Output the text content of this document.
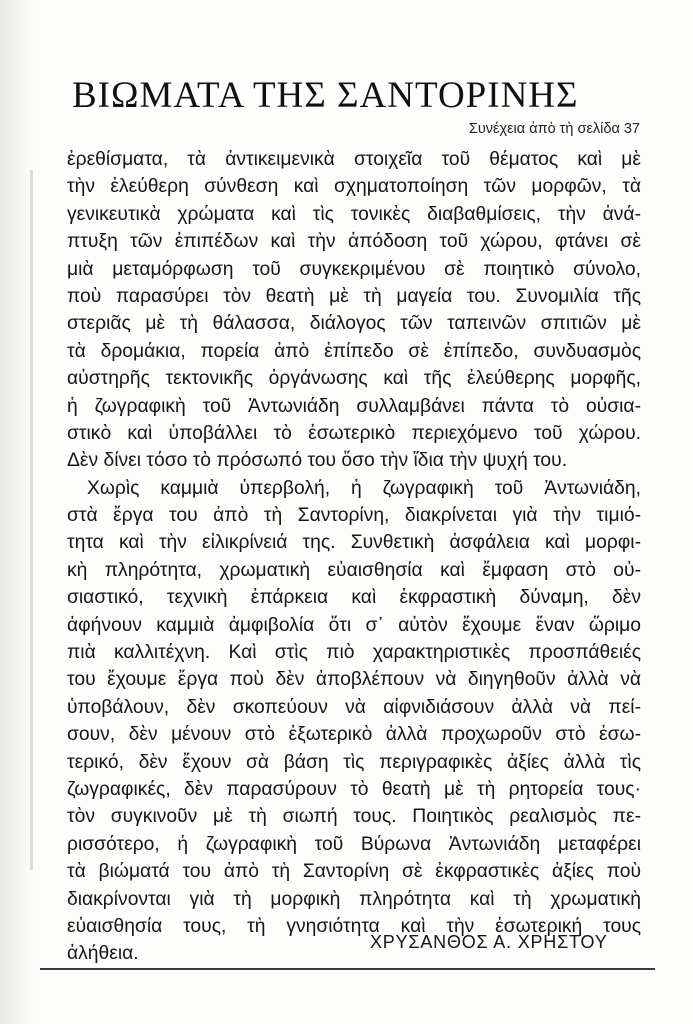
ΒΙΩΜΑΤΑ ΤΗΣ ΣΑΝΤΟΡΙΝΗΣ
Συνέχεια ἀπὸ τὴ σελίδα 37
ἐρεθίσματα, τὰ ἀντικειμενικὰ στοιχεῖα τοῦ θέματος καὶ μὲ
τὴν ἐλεύθερη σύνθεση καὶ σχηματοποίηση τῶν μορφῶν, τὰ
γενικευτικὰ χρώματα καὶ τὶς τονικὲς διαβαθμίσεις, τὴν ἀνά-
πτυξη τῶν ἐπιπέδων καὶ τὴν ἀπόδοση τοῦ χώρου, φτάνει σὲ
μιὰ μεταμόρφωση τοῦ συγκεκριμένου σὲ ποιητικὸ σύνολο,
ποὺ παρασύρει τὸν θεατὴ μὲ τὴ μαγεία του. Συνομιλία τῆς
στεριᾶς μὲ τὴ θάλασσα, διάλογος τῶν ταπεινῶν σπιτιῶν μὲ
τὰ δρομάκια, πορεία ἀπὸ ἐπίπεδο σὲ ἐπίπεδο, συνδυασμὸς
αὐστηρῆς τεκτονικῆς ὀργάνωσης καὶ τῆς ἐλεύθερης μορφῆς,
ἡ ζωγραφικὴ τοῦ Ἀντωνιάδη συλλαμβάνει πάντα τὸ οὐσια-
στικὸ καὶ ὑποβάλλει τὸ ἐσωτερικὸ περιεχόμενο τοῦ χώρου.
Δὲν δίνει τόσο τὸ πρόσωπό του ὅσο τὴν ἴδια τὴν ψυχή του.
Χωρὶς καμμιὰ ὑπερβολή, ἡ ζωγραφικὴ τοῦ Ἀντωνιάδη,
στὰ ἔργα του ἀπὸ τὴ Σαντορίνη, διακρίνεται γιὰ τὴν τιμιό-
τητα καὶ τὴν εἰλικρίνειά της. Συνθετικὴ ἀσφάλεια καὶ μορφι-
κὴ πληρότητα, χρωματικὴ εὐαισθησία καὶ ἔμφαση στὸ οὐ-
σιαστικό, τεχνικὴ ἐπάρκεια καὶ ἐκφραστικὴ δύναμη, δὲν
ἀφήνουν καμμιὰ ἀμφιβολία ὅτι σ᾽ αὐτὸν ἔχουμε ἕναν ὥριμο
πιὰ καλλιτέχνη. Καὶ στὶς πιὸ χαρακτηριστικὲς προσπάθειές
του ἔχουμε ἔργα ποὺ δὲν ἀποβλέπουν νὰ διηγηθοῦν ἀλλὰ νὰ
ὑποβάλουν, δὲν σκοπεύουν νὰ αἰφνιδιάσουν ἀλλὰ νὰ πεί-
σουν, δὲν μένουν στὸ ἐξωτερικὸ ἀλλὰ προχωροῦν στὸ ἐσω-
τερικό, δὲν ἔχουν σὰ βάση τὶς περιγραφικὲς ἀξίες ἀλλὰ τὶς
ζωγραφικές, δὲν παρασύρουν τὸ θεατὴ μὲ τὴ ρητορεία τους·
τὸν συγκινοῦν μὲ τὴ σιωπή τους. Ποιητικὸς ρεαλισμὸς πε-
ρισσότερο, ἡ ζωγραφικὴ τοῦ Βύρωνα Ἀντωνιάδη μεταφέρει
τὰ βιώματά του ἀπὸ τὴ Σαντορίνη σὲ ἐκφραστικὲς ἀξίες ποὺ
διακρίνονται γιὰ τὴ μορφικὴ πληρότητα καὶ τὴ χρωματικὴ
εὐαισθησία τους, τὴ γνησιότητα καὶ τὴν ἐσωτερική τους
ἀλήθεια.
ΧΡΥΣΑΝΘΟΣ Α. ΧΡΗΣΤΟΥ
